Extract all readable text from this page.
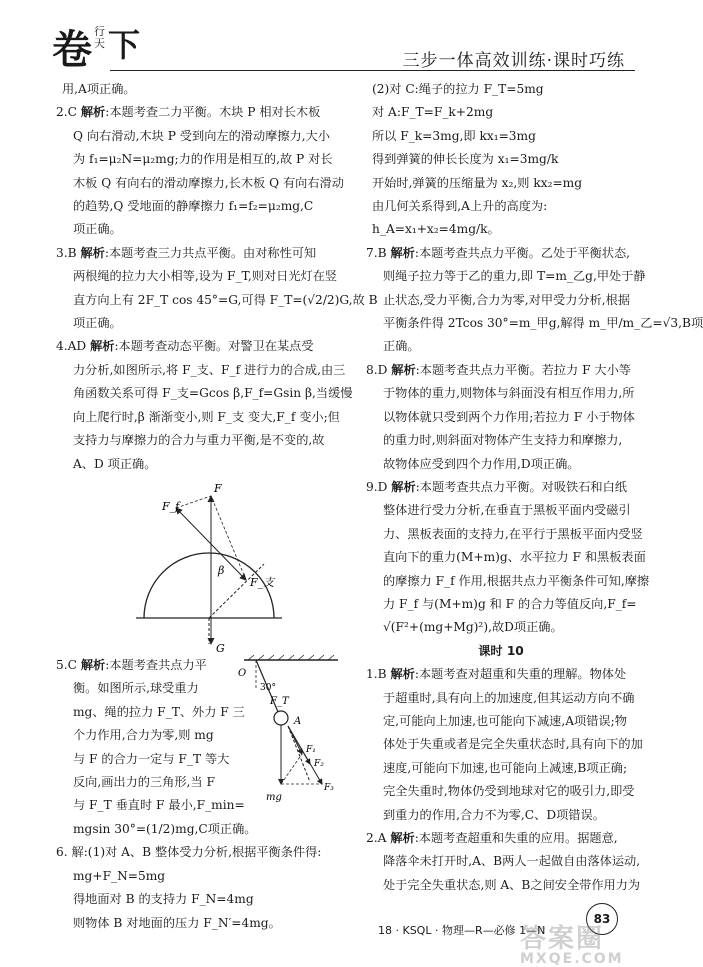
卷 行
天 下	三步一体高效训练·课时巧练
用,A项正确。
2.C 解析:本题考查二力平衡。木块 P 相对长木板
Q 向右滑动,木块 P 受到向左的滑动摩擦力,大小
为 f₁=μ₂N=μ₂mg;力的作用是相互的,故 P 对长
木板 Q 有向右的滑动摩擦力,长木板 Q 有向右滑动
的趋势,Q 受地面的静摩擦力 f₁=f₂=μ₂mg,C
项正确。
3.B 解析:本题考查三力共点平衡。由对称性可知
两根绳的拉力大小相等,设为 F_T,则对日光灯在竖
直方向上有 2F_T cos 45°=G,可得 F_T=(√2/2)G,故 B
项正确。
4.AD 解析:本题考查动态平衡。对警卫在某点受
力分析,如图所示,将 F_支、F_f 进行力的合成,由三
角函数关系可得 F_支=Gcos β,F_f=Gsin β,当缓慢
向上爬行时,β 渐渐变小,则 F_支 变大,F_f 变小;但
支持力与摩擦力的合力与重力平衡,是不变的,故
A、D 项正确。
F
F_f
F_支
β
G
5.C 解析:本题考查共点力平
衡。如图所示,球受重力
mg、绳的拉力 F_T、外力 F 三
个力作用,合力为零,则 mg
与 F 的合力一定与 F_T 等大
反向,画出力的三角形,当 F
与 F_T 垂直时 F 最小,F_min=
O
30°
F_T
A
F₁
F₂
F₃
mg
mgsin 30°=(1/2)mg,C项正确。
6. 解:(1)对 A、B 整体受力分析,根据平衡条件得:
mg+F_N=5mg
得地面对 B 的支持力 F_N=4mg
则物体 B 对地面的压力 F_N′=4mg。
(2)对 C:绳子的拉力 F_T=5mg
对 A:F_T=F_k+2mg
所以 F_k=3mg,即 kx₁=3mg
得到弹簧的伸长长度为 x₁=3mg/k
开始时,弹簧的压缩量为 x₂,则 kx₂=mg
由几何关系得到,A上升的高度为:
h_A=x₁+x₂=4mg/k。
7.B 解析:本题考查共点力平衡。乙处于平衡状态,
则绳子拉力等于乙的重力,即 T=m_乙g,甲处于静
止状态,受力平衡,合力为零,对甲受力分析,根据
平衡条件得 2Tcos 30°=m_甲g,解得 m_甲/m_乙=√3,B项
正确。
8.D 解析:本题考查共点力平衡。若拉力 F 大小等
于物体的重力,则物体与斜面没有相互作用力,所
以物体就只受到两个力作用;若拉力 F 小于物体
的重力时,则斜面对物体产生支持力和摩擦力,
故物体应受到四个力作用,D项正确。
9.D 解析:本题考查共点力平衡。对吸铁石和白纸
整体进行受力分析,在垂直于黑板平面内受磁引
力、黑板表面的支持力,在平行于黑板平面内受竖
直向下的重力(M+m)g、水平拉力 F 和黑板表面
的摩擦力 F_f 作用,根据共点力平衡条件可知,摩擦
力 F_f 与(M+m)g 和 F 的合力等值反向,F_f=
√(F²+(mg+Mg)²),故D项正确。
课时 10
1.B 解析:本题考查对超重和失重的理解。物体处
于超重时,具有向上的加速度,但其运动方向不确
定,可能向上加速,也可能向下减速,A项错误;物
体处于失重或者是完全失重状态时,具有向下的加
速度,可能向下加速,也可能向上减速,B项正确;
完全失重时,物体仍受到地球对它的吸引力,即受
到重力的作用,合力不为零,C、D项错误。
2.A 解析:本题考查超重和失重的应用。据题意,
降落伞未打开时,A、B两人一起做自由落体运动,
处于完全失重状态,则 A、B之间安全带作用力为
18 · KSQL · 物理—R—必修 1—N
83
答案圈
MXQE.COM
